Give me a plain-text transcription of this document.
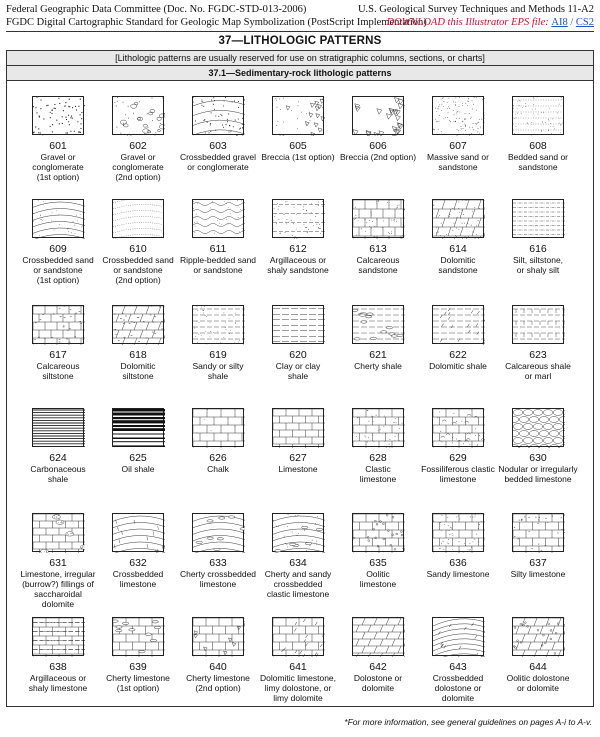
Federal Geographic Data Committee (Doc. No. FGDC-STD-013-2006)
FGDC Digital Cartographic Standard for Geologic Map Symbolization (PostScript Implementation)
U.S. Geological Survey Techniques and Methods 11-A2
DOWNLOAD this Illustrator EPS file: AI8 / CS2
37—LITHOLOGIC PATTERNS
[Lithologic patterns are usually reserved for use on stratigraphic columns, sections, or charts]
37.1—Sedimentary-rock lithologic patterns
601
Gravel or
conglomerate
(1st option)
602
Gravel or
conglomerate
(2nd option)
603
Crossbedded gravel
or conglomerate
605
Breccia (1st option)
606
Breccia (2nd option)
607
Massive sand or
sandstone
608
Bedded sand or
sandstone
609
Crossbedded sand
or sandstone
(1st option)
610
Crossbedded sand
or sandstone
(2nd option)
611
Ripple-bedded sand
or sandstone
612
Argillaceous or
shaly sandstone
613
Calcareous
sandstone
614
Dolomitic
sandstone
616
Silt, siltstone,
or shaly silt
617
Calcareous
siltstone
618
Dolomitic
siltstone
619
Sandy or silty
shale
620
Clay or clay
shale
621
Cherty shale
622
Dolomitic shale
623
Calcareous shale
or marl
624
Carbonaceous
shale
625
Oil shale
626
Chalk
627
Limestone
628
Clastic
limestone
629
Fossiliferous clastic
limestone
630
Nodular or irregularly
bedded limestone
631
Limestone, irregular
(burrow?) fillings of
saccharoidal dolomite
632
Crossbedded
limestone
633
Cherty crossbedded
limestone
634
Cherty and sandy
crossbedded
clastic limestone
635
Oolitic
limestone
636
Sandy limestone
637
Silty limestone
638
Argillaceous or
shaly limestone
639
Cherty limestone
(1st option)
640
Cherty limestone
(2nd option)
641
Dolomitic limestone,
limy dolostone, or
limy dolomite
642
Dolostone or
dolomite
643
Crossbedded
dolostone or
dolomite
644
Oolitic dolostone
or dolomite
*For more information, see general guidelines on pages A-i to A-v.
